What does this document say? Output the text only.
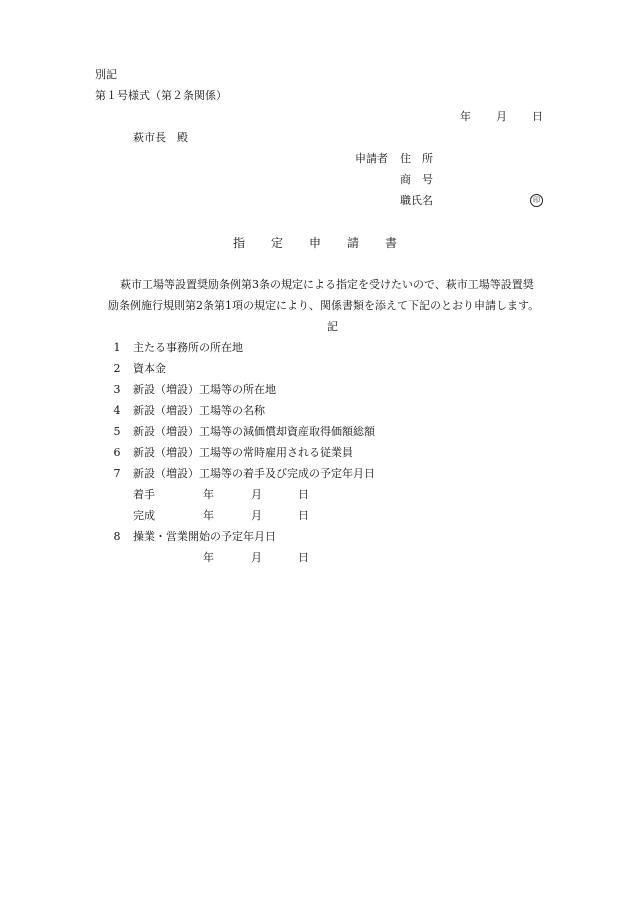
別記
第１号様式（第２条関係）
年 月 日
萩市長　殿
申請者 住　所
商　号
職氏名	印
指定申請書
萩市工場等設置奨励条例第3条の規定による指定を受けたいので、萩市工場等設置奨
励条例施行規則第2条第1項の規定により、関係書類を添えて下記のとおり申請します。
記
1	主たる事務所の所在地
2	資本金
3	新設（増設）工場等の所在地
4	新設（増設）工場等の名称
5	新設（増設）工場等の減価償却資産取得価額総額
6	新設（増設）工場等の常時雇用される従業員
7	新設（増設）工場等の着手及び完成の予定年月日
着手	年	月	日
完成	年	月	日
8	操業・営業開始の予定年月日
年	月	日
